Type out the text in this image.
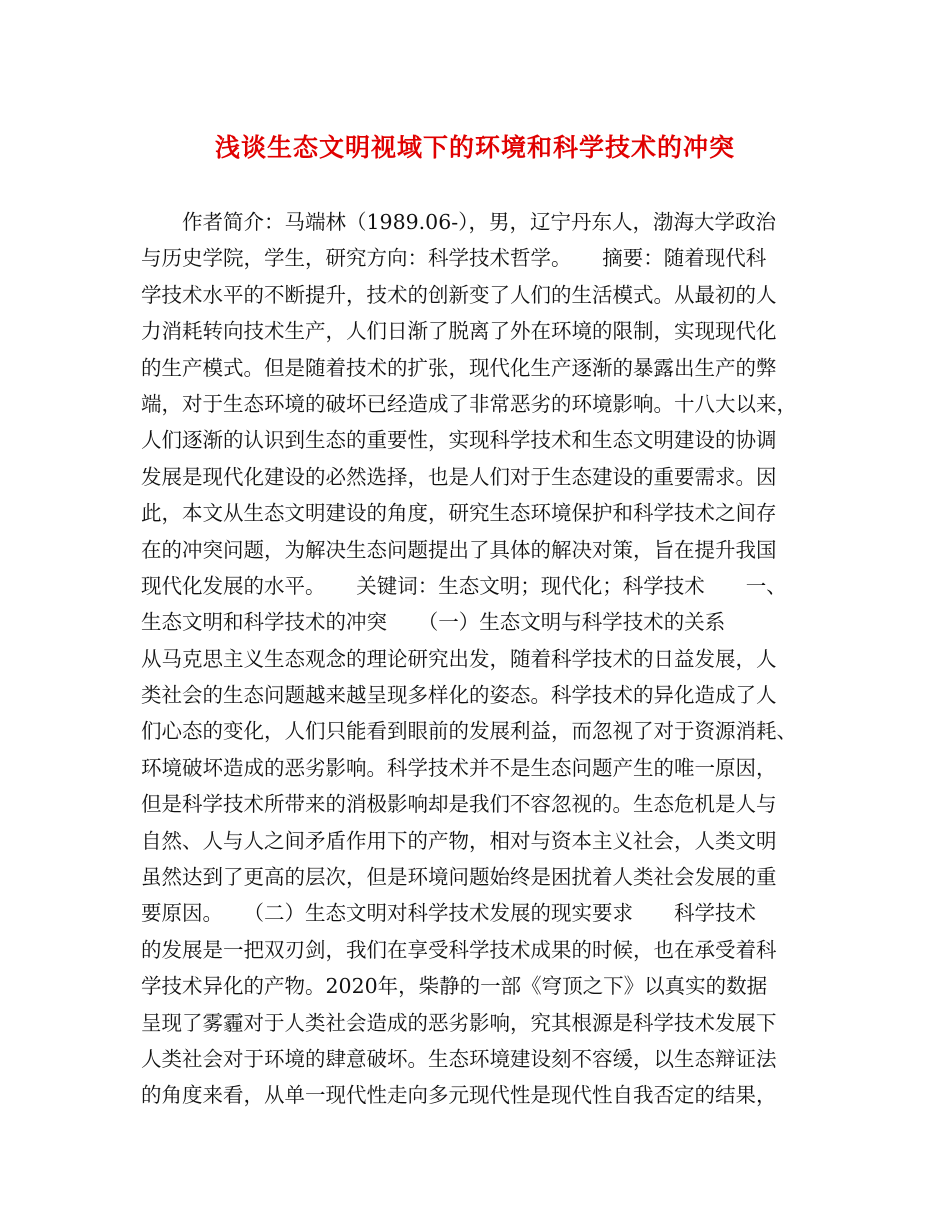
浅谈生态文明视域下的环境和科学技术的冲突
作者简介：马端林（1989.06-），男，辽宁丹东人，渤海大学政治
与历史学院，学生，研究方向：科学技术哲学。　　摘要：随着现代科
学技术水平的不断提升，技术的创新变了人们的生活模式。从最初的人
力消耗转向技术生产，人们日渐了脱离了外在环境的限制，实现现代化
的生产模式。但是随着技术的扩张，现代化生产逐渐的暴露出生产的弊
端，对于生态环境的破坏已经造成了非常恶劣的环境影响。十八大以来，
人们逐渐的认识到生态的重要性，实现科学技术和生态文明建设的协调
发展是现代化建设的必然选择，也是人们对于生态建设的重要需求。因
此，本文从生态文明建设的角度，研究生态环境保护和科学技术之间存
在的冲突问题，为解决生态问题提出了具体的解决对策，旨在提升我国
现代化发展的水平。　　关键词：生态文明；现代化；科学技术　　一、
生态文明和科学技术的冲突　　（一）生态文明与科学技术的关系
从马克思主义生态观念的理论研究出发，随着科学技术的日益发展，人
类社会的生态问题越来越呈现多样化的姿态。科学技术的异化造成了人
们心态的变化，人们只能看到眼前的发展利益，而忽视了对于资源消耗、
环境破坏造成的恶劣影响。科学技术并不是生态问题产生的唯一原因，
但是科学技术所带来的消极影响却是我们不容忽视的。生态危机是人与
自然、人与人之间矛盾作用下的产物，相对与资本主义社会，人类文明
虽然达到了更高的层次，但是环境问题始终是困扰着人类社会发展的重
要原因。　　（二）生态文明对科学技术发展的现实要求　　科学技术
的发展是一把双刃剑，我们在享受科学技术成果的时候，也在承受着科
学技术异化的产物。2020年，柴静的一部《穹顶之下》以真实的数据
呈现了雾霾对于人类社会造成的恶劣影响，究其根源是科学技术发展下
人类社会对于环境的肆意破坏。生态环境建设刻不容缓，以生态辩证法
的角度来看，从单一现代性走向多元现代性是现代性自我否定的结果，
